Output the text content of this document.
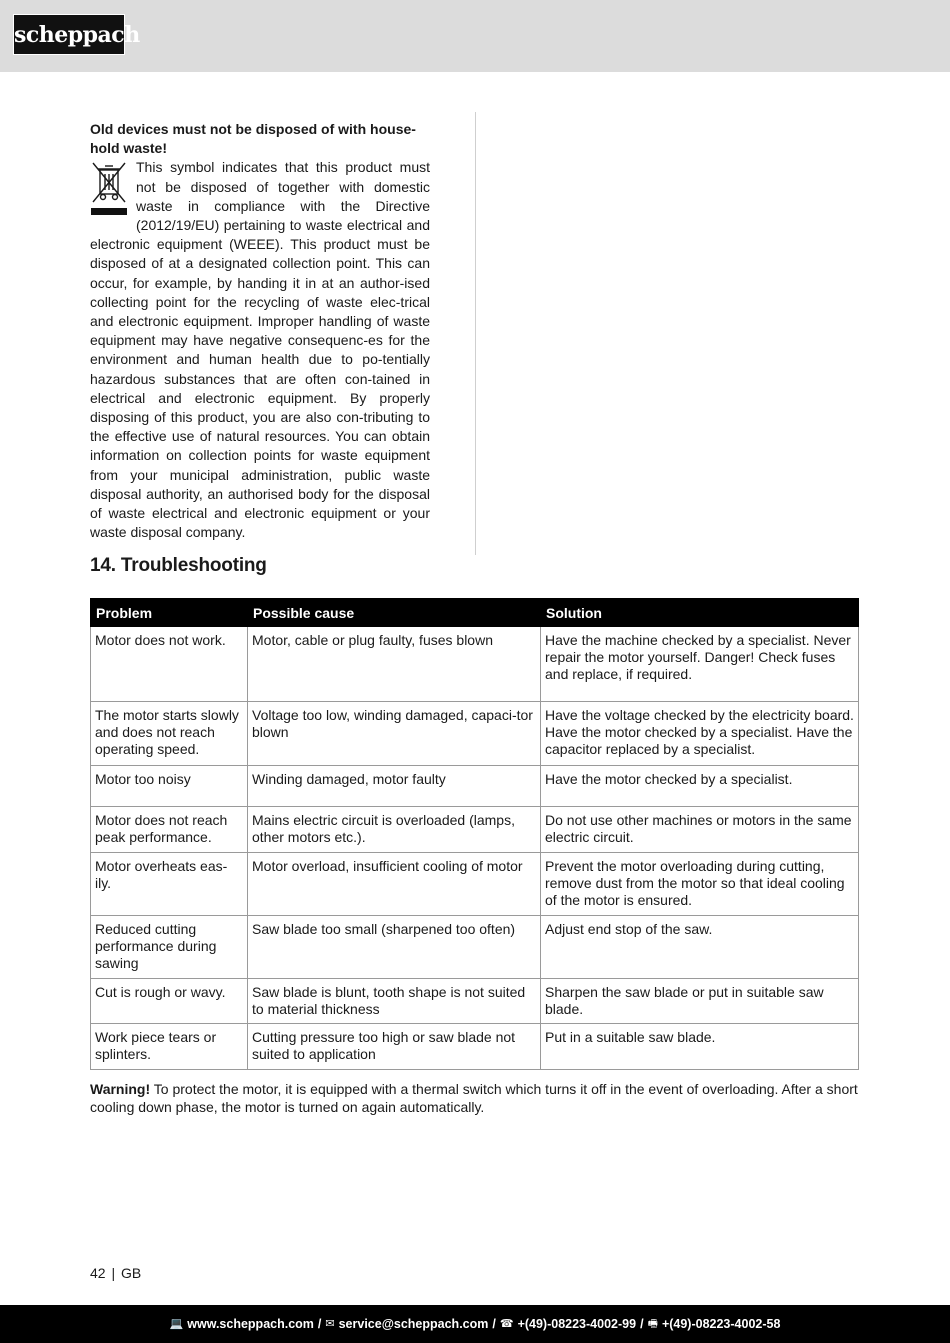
scheppach

Old devices must not be disposed of with house-hold waste!

This symbol indicates that this product must not be disposed of together with domestic waste in compliance with the Directive (2012/19/EU) pertaining to waste electrical and electronic equipment (WEEE). This product must be disposed of at a designated collection point. This can occur, for example, by handing it in at an author-ised collecting point for the recycling of waste elec-trical and electronic equipment. Improper handling of waste equipment may have negative consequenc-es for the environment and human health due to po-tentially hazardous substances that are often con-tained in electrical and electronic equipment. By properly disposing of this product, you are also con-tributing to the effective use of natural resources. You can obtain information on collection points for waste equipment from your municipal administration, public waste disposal authority, an authorised body for the disposal of waste electrical and electronic equipment or your waste disposal company.

14. Troubleshooting
Problem	Possible cause	Solution
Motor does not work.	Motor, cable or plug faulty, fuses blown	Have the machine checked by a specialist. Never repair the motor yourself. Danger! Check fuses and replace, if required.
The motor starts slowly and does not reach operating speed.	Voltage too low, winding damaged, capaci-tor blown	Have the voltage checked by the electricity board. Have the motor checked by a specialist. Have the capacitor replaced by a specialist.
Motor too noisy	Winding damaged, motor faulty	Have the motor checked by a specialist.
Motor does not reach peak performance.	Mains electric circuit is overloaded (lamps, other motors etc.).	Do not use other machines or motors in the same electric circuit.
Motor overheats eas-ily.	Motor overload, insufficient cooling of motor	Prevent the motor overloading during cutting, remove dust from the motor so that ideal cooling of the motor is ensured.
Reduced cutting performance during sawing	Saw blade too small (sharpened too often)	Adjust end stop of the saw.
Cut is rough or wavy.	Saw blade is blunt, tooth shape is not suited to material thickness	Sharpen the saw blade or put in suitable saw blade.
Work piece tears or splinters.	Cutting pressure too high or saw blade not suited to application	Put in a suitable saw blade.

Warning! To protect the motor, it is equipped with a thermal switch which turns it off in the event of overloading. After a short cooling down phase, the motor is turned on again automatically.

42 | GB
💻 www.scheppach.com / ✉ service@scheppach.com / ☎ +(49)-08223-4002-99 / 🖷 +(49)-08223-4002-58
